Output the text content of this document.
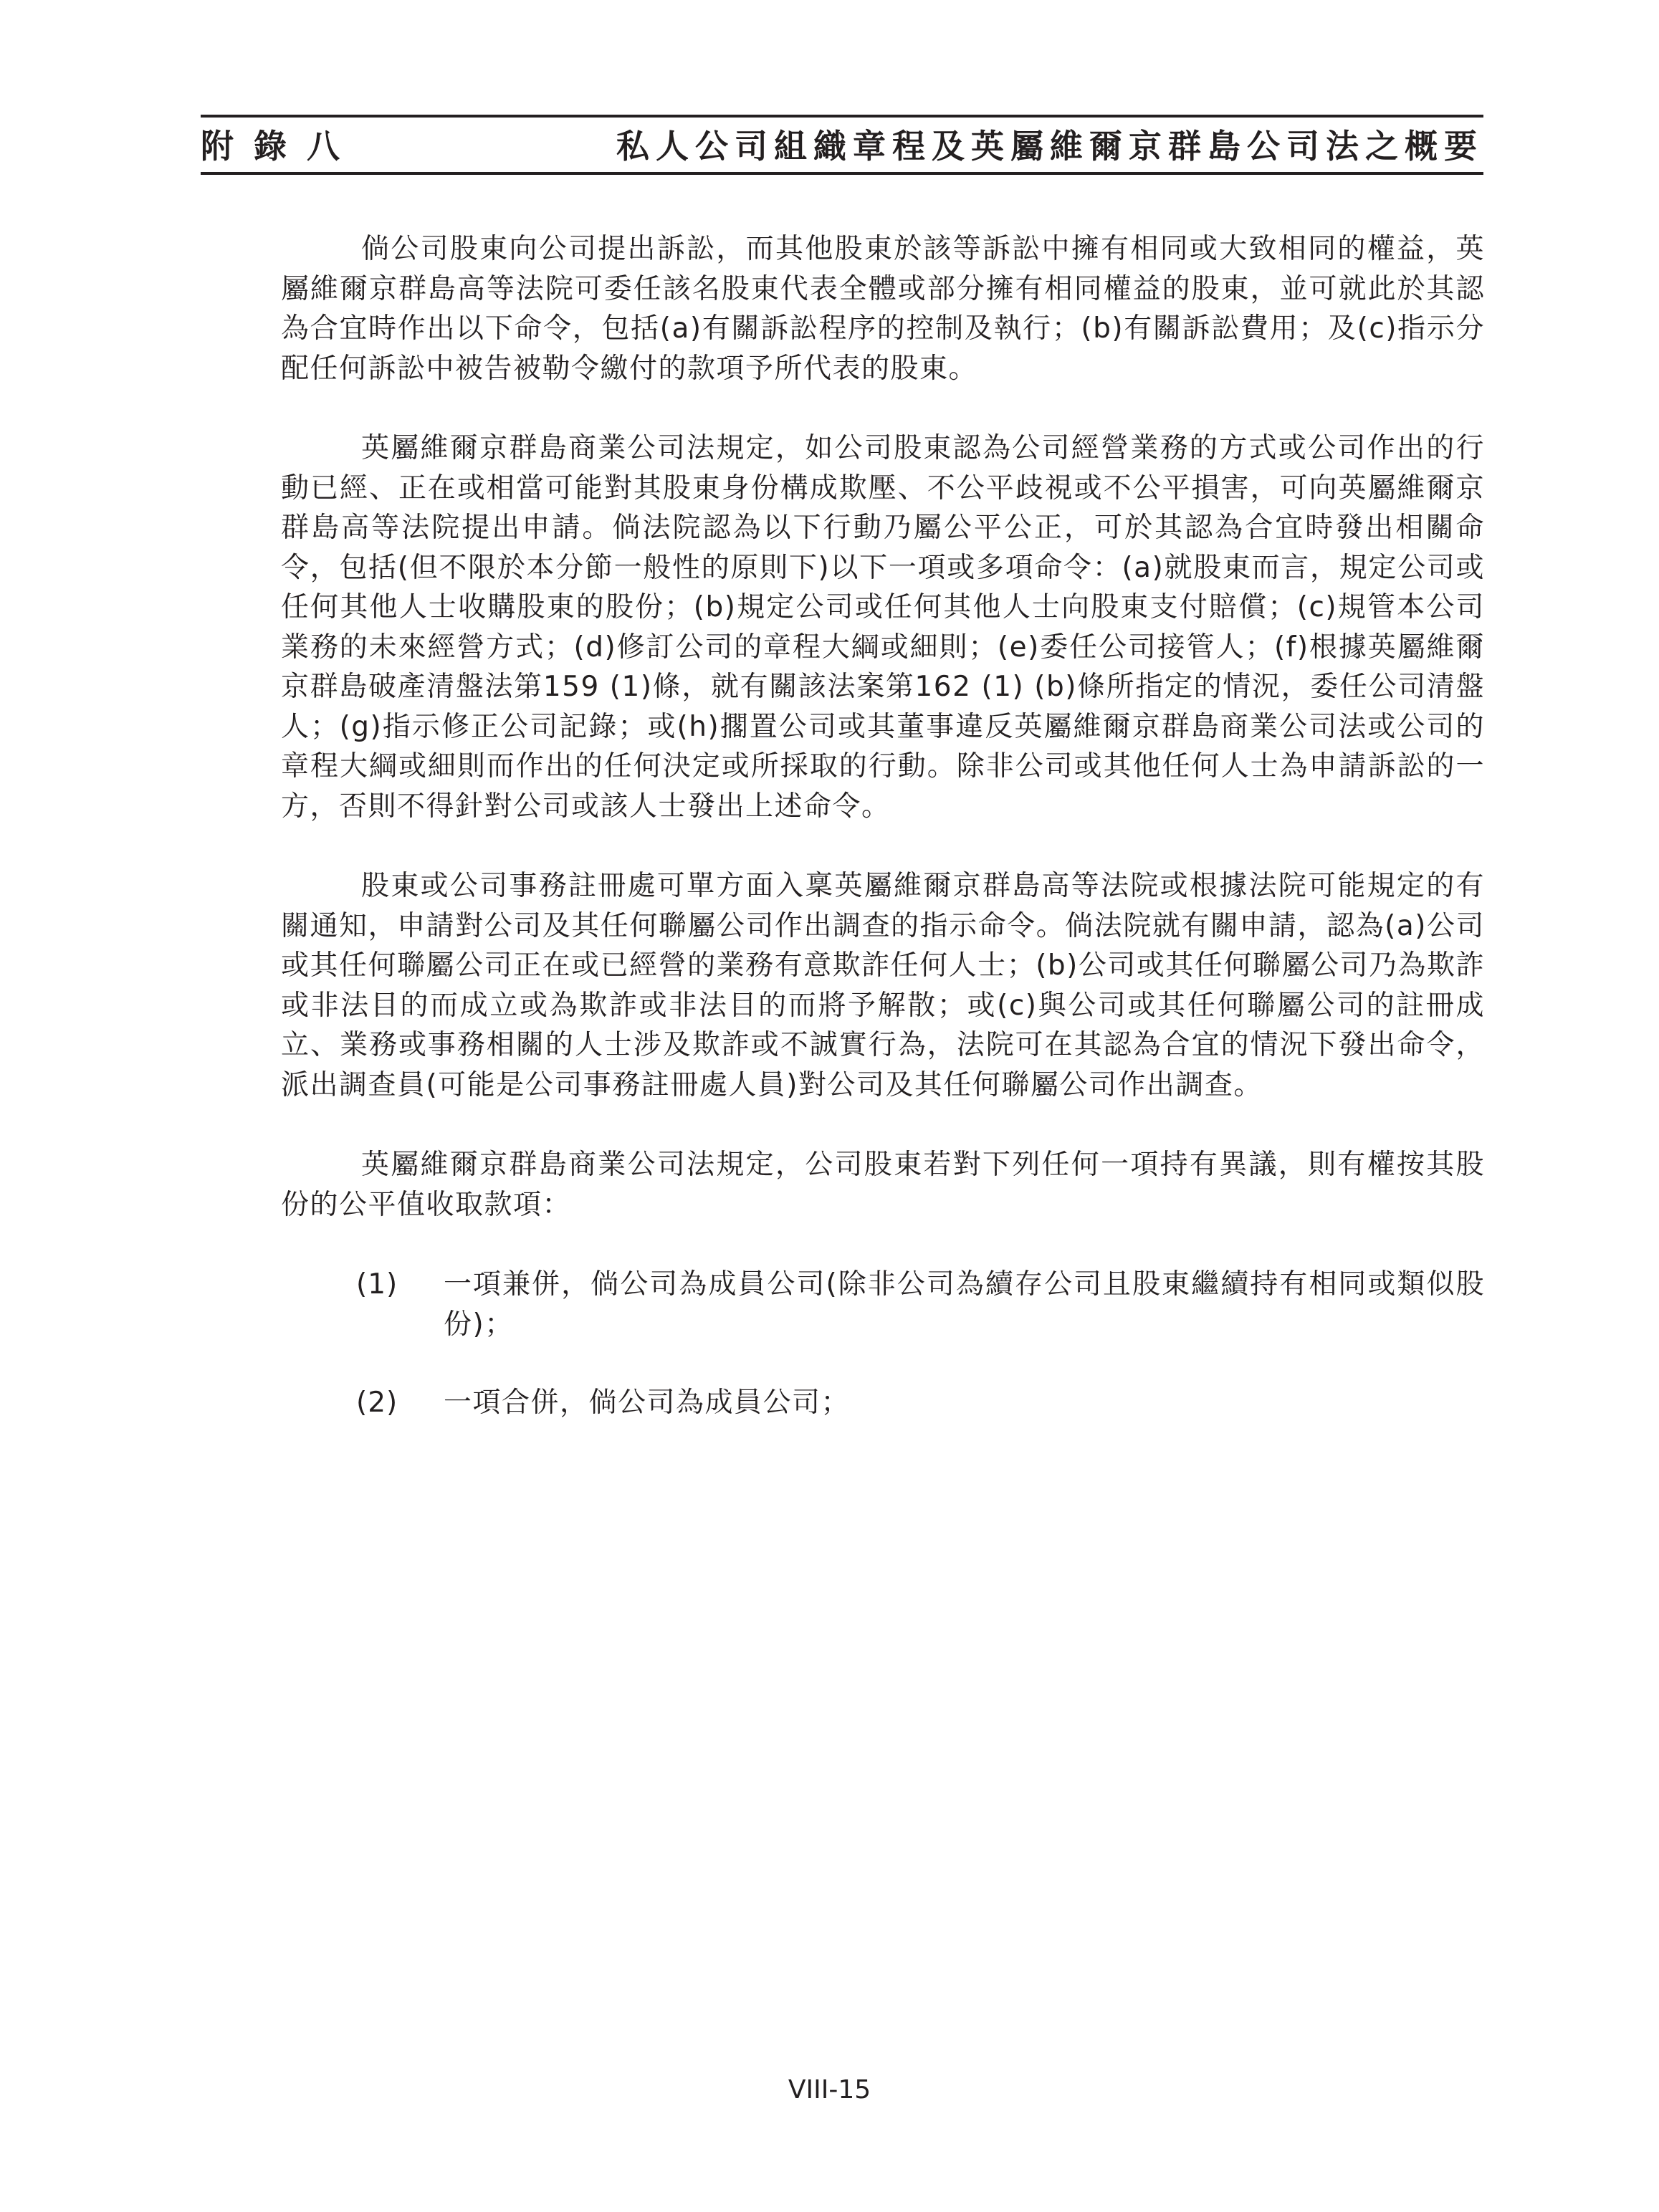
附 錄 八	私人公司組織章程及英屬維爾京群島公司法之概要

倘公司股東向公司提出訴訟，而其他股東於該等訴訟中擁有相同或大致相同的權益，英屬維爾京群島高等法院可委任該名股東代表全體或部分擁有相同權益的股東，並可就此於其認為合宜時作出以下命令，包括(a)有關訴訟程序的控制及執行；(b)有關訴訟費用；及(c)指示分配任何訴訟中被告被勒令繳付的款項予所代表的股東。

英屬維爾京群島商業公司法規定，如公司股東認為公司經營業務的方式或公司作出的行動已經、正在或相當可能對其股東身份構成欺壓、不公平歧視或不公平損害，可向英屬維爾京群島高等法院提出申請。倘法院認為以下行動乃屬公平公正，可於其認為合宜時發出相關命令，包括(但不限於本分節一般性的原則下)以下一項或多項命令：(a)就股東而言，規定公司或任何其他人士收購股東的股份；(b)規定公司或任何其他人士向股東支付賠償；(c)規管本公司業務的未來經營方式；(d)修訂公司的章程大綱或細則；(e)委任公司接管人；(f)根據英屬維爾京群島破產清盤法第159 (1)條，就有關該法案第162 (1) (b)條所指定的情況，委任公司清盤人；(g)指示修正公司記錄；或(h)擱置公司或其董事違反英屬維爾京群島商業公司法或公司的章程大綱或細則而作出的任何決定或所採取的行動。除非公司或其他任何人士為申請訴訟的一方，否則不得針對公司或該人士發出上述命令。

股東或公司事務註冊處可單方面入稟英屬維爾京群島高等法院或根據法院可能規定的有關通知，申請對公司及其任何聯屬公司作出調查的指示命令。倘法院就有關申請，認為(a)公司或其任何聯屬公司正在或已經營的業務有意欺詐任何人士；(b)公司或其任何聯屬公司乃為欺詐或非法目的而成立或為欺詐或非法目的而將予解散；或(c)與公司或其任何聯屬公司的註冊成立、業務或事務相關的人士涉及欺詐或不誠實行為，法院可在其認為合宜的情況下發出命令，派出調查員(可能是公司事務註冊處人員)對公司及其任何聯屬公司作出調查。

英屬維爾京群島商業公司法規定，公司股東若對下列任何一項持有異議，則有權按其股份的公平值收取款項：

(1)	一項兼併，倘公司為成員公司(除非公司為續存公司且股東繼續持有相同或類似股份)；
(2)	一項合併，倘公司為成員公司；
VIII-15
